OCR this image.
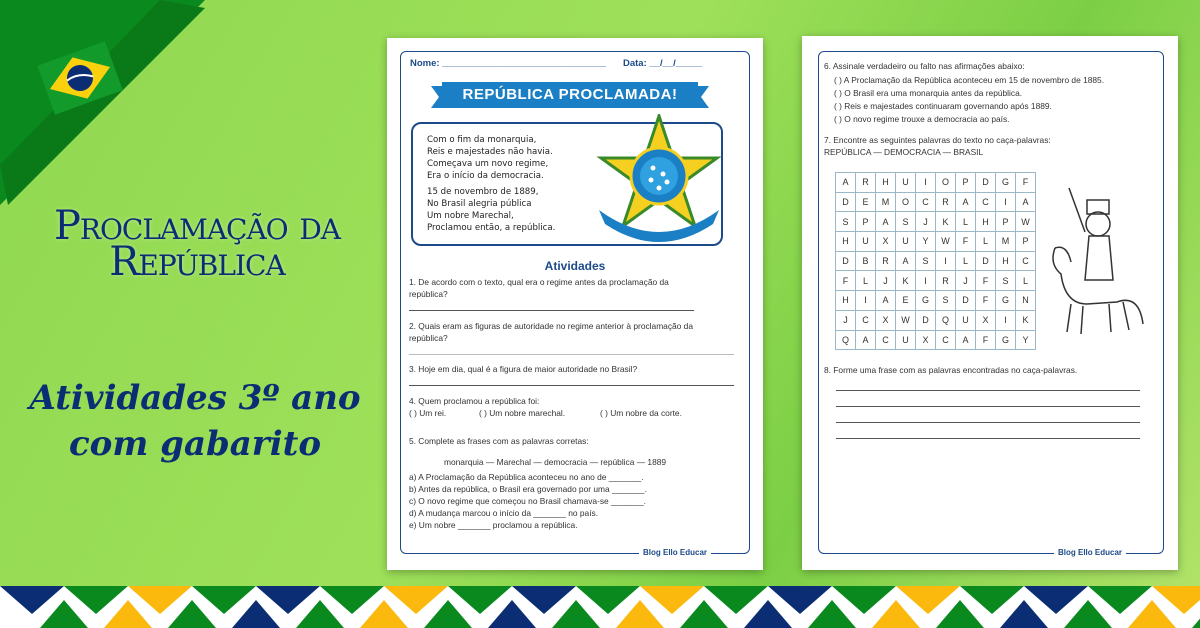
Proclamação da República
Atividades 3º ano
com gabarito
Nome: _______________________________ Data: __/__/_____
REPÚBLICA PROCLAMADA!
Com o fim da monarquia,
Reis e majestades não havia.
Começava um novo regime,
Era o início da democracia.
15 de novembro de 1889,
No Brasil alegria pública
Um nobre Marechal,
Proclamou então, a república.
Atividades
1. De acordo com o texto, qual era o regime antes da proclamação da
república?
2. Quais eram as figuras de autoridade no regime anterior à proclamação da
república?
3. Hoje em dia, qual é a figura de maior autoridade no Brasil?
4. Quem proclamou a república foi:
( ) Um rei.	( ) Um nobre marechal.	( ) Um nobre da corte.
5. Complete as frases com as palavras corretas:
monarquia — Marechal — democracia — república — 1889
a) A Proclamação da República aconteceu no ano de _______.
b) Antes da república, o Brasil era governado por uma _______.
c) O novo regime que começou no Brasil chamava-se _______.
d) A mudança marcou o início da _______ no país.
e) Um nobre _______ proclamou a república.
Blog Ello Educar
6. Assinale verdadeiro ou falto nas afirmações abaixo:
( ) A Proclamação da República aconteceu em 15 de novembro de 1885.
( ) O Brasil era uma monarquia antes da república.
( ) Reis e majestades continuaram governando após 1889.
( ) O novo regime trouxe a democracia ao país.
7. Encontre as seguintes palavras do texto no caça-palavras:
REPÚBLICA — DEMOCRACIA — BRASIL
A	R	H	U	I	O	P	D	G	F
D	E	M	O	C	R	A	C	I	A
S	P	A	S	J	K	L	H	P	W
H	U	X	U	Y	W	F	L	M	P
D	B	R	A	S	I	L	D	H	C
F	L	J	K	I	R	J	F	S	L
H	I	A	E	G	S	D	F	G	N
J	C	X	W	D	Q	U	X	I	K
Q	A	C	U	X	C	A	F	G	Y
8. Forme uma frase com as palavras encontradas no caça-palavras.
Blog Ello Educar
